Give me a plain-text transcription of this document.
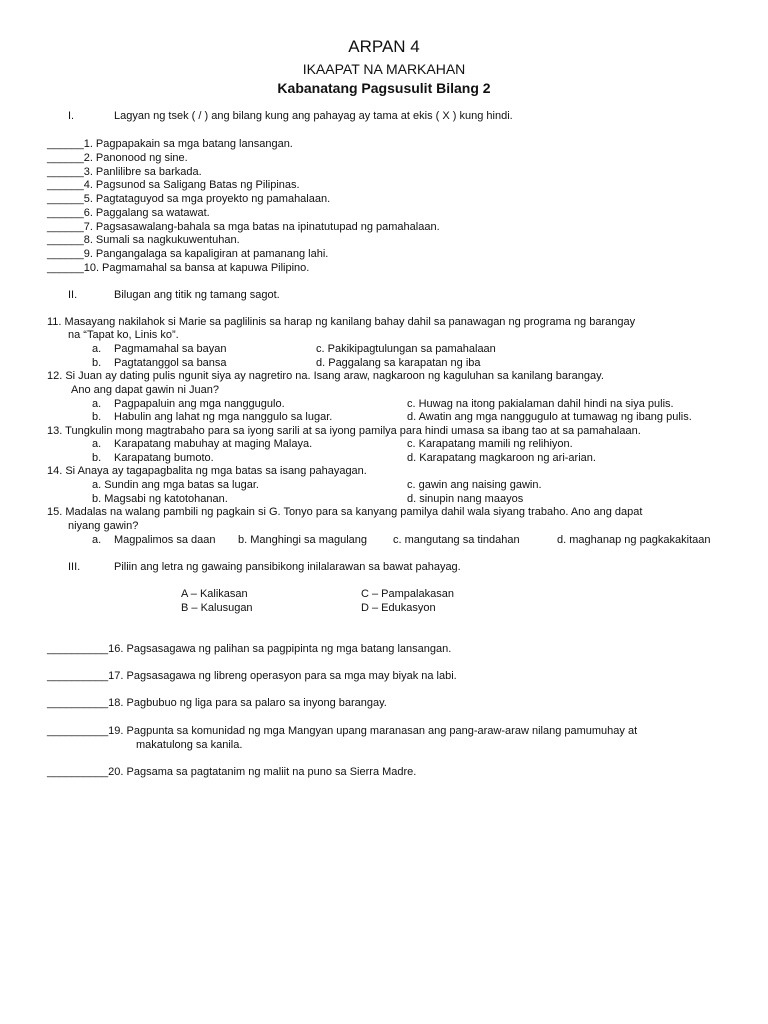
ARPAN 4
IKAAPAT NA MARKAHAN
Kabanatang Pagsusulit Bilang 2
I.	Lagyan ng tsek ( / ) ang bilang kung ang pahayag ay tama at ekis ( X ) kung hindi.
______1. Pagpapakain sa mga batang lansangan.
______2. Panonood ng sine.
______3. Panlilibre sa barkada.
______4. Pagsunod sa Saligang Batas ng Pilipinas.
______5. Pagtataguyod sa mga proyekto ng pamahalaan.
______6. Paggalang sa watawat.
______7. Pagsasawalang-bahala sa mga batas na ipinatutupad ng pamahalaan.
______8. Sumali sa nagkukuwentuhan.
______9. Pangangalaga sa kapaligiran at pamanang lahi.
______10. Pagmamahal sa bansa at kapuwa Pilipino.
II.	Bilugan ang titik ng tamang sagot.
11. Masayang nakilahok si Marie sa paglilinis sa harap ng kanilang bahay dahil sa panawagan ng programa ng barangay
na “Tapat ko, Linis ko”.
a. Pagmamahal sa bayan	c. Pakikipagtulungan sa pamahalaan
b. Pagtatanggol sa bansa	d. Paggalang sa karapatan ng iba
12. Si Juan ay dating pulis ngunit siya ay nagretiro na. Isang araw, nagkaroon ng kaguluhan sa kanilang barangay.
Ano ang dapat gawin ni Juan?
a. Pagpapaluin ang mga nanggugulo.	c. Huwag na itong pakialaman dahil hindi na siya pulis.
b. Habulin ang lahat ng mga nanggulo sa lugar.	d. Awatin ang mga nanggugulo at tumawag ng ibang pulis.
13. Tungkulin mong magtrabaho para sa iyong sarili at sa iyong pamilya para hindi umasa sa ibang tao at sa pamahalaan.
a. Karapatang mabuhay at maging Malaya.	c. Karapatang mamili ng relihiyon.
b. Karapatang bumoto.	d. Karapatang magkaroon ng ari-arian.
14. Si Anaya ay tagapagbalita ng mga batas sa isang pahayagan.
a. Sundin ang mga batas sa lugar.	c. gawin ang naising gawin.
b. Magsabi ng katotohanan.	d. sinupin nang maayos
15. Madalas na walang pambili ng pagkain si G. Tonyo para sa kanyang pamilya dahil wala siyang trabaho. Ano ang dapat
niyang gawin?
a. Magpalimos sa daan b. Manghingi sa magulang c. mangutang sa tindahan	d. maghanap ng pagkakakitaan
III.	Piliin ang letra ng gawaing pansibikong inilalarawan sa bawat pahayag.
A – Kalikasan	C – Pampalakasan
B – Kalusugan	D – Edukasyon
__________16. Pagsasagawa ng palihan sa pagpipinta ng mga batang lansangan.
__________17. Pagsasagawa ng libreng operasyon para sa mga may biyak na labi.
__________18. Pagbubuo ng liga para sa palaro sa inyong barangay.
__________19. Pagpunta sa komunidad ng mga Mangyan upang maranasan ang pang-araw-araw nilang pamumuhay at
makatulong sa kanila.
__________20. Pagsama sa pagtatanim ng maliit na puno sa Sierra Madre.
